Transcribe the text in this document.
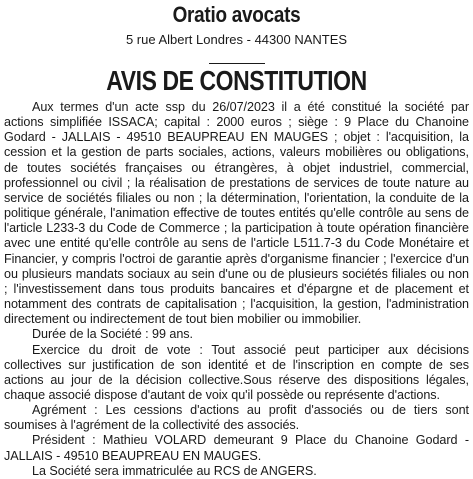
Oratio avocats
5 rue Albert Londres - 44300 NANTES
AVIS DE CONSTITUTION

Aux termes d'un acte ssp du 26/07/2023 il a été constitué la société par actions simplifiée ISSACA; capital : 2000 euros ; siège : 9 Place du Chanoine Godard - JALLAIS - 49510 BEAUPREAU EN MAUGES ; objet : l'acquisition, la cession et la gestion de parts sociales, actions, valeurs mobilières ou obligations, de toutes sociétés françaises ou étrangères, à objet industriel, commercial, professionnel ou civil ; la réalisation de prestations de services de toute nature au service de sociétés filiales ou non ; la détermination, l'orientation, la conduite de la politique générale, l'animation effective de toutes entités qu'elle contrôle au sens de l'article L233-3 du Code de Commerce ; la participation à toute opération financière avec une entité qu'elle contrôle au sens de l'article L511.7-3 du Code Monétaire et Financier, y compris l'octroi de garantie après d'organisme financier ; l'exercice d'un ou plusieurs mandats sociaux au sein d'une ou de plusieurs sociétés filiales ou non ; l'investissement dans tous produits bancaires et d'épargne et de placement et notamment des contrats de capitalisation ; l'acquisition, la gestion, l'administration directement ou indirectement de tout bien mobilier ou immobilier.

Durée de la Société : 99 ans.

Exercice du droit de vote : Tout associé peut participer aux décisions collectives sur justification de son identité et de l'inscription en compte de ses actions au jour de la décision collective.Sous réserve des dispositions légales, chaque associé dispose d'autant de voix qu'il possède ou représente d'actions.

Agrément : Les cessions d'actions au profit d'associés ou de tiers sont soumises à l'agrément de la collectivité des associés.

Président : Mathieu VOLARD demeurant 9 Place du Chanoine Godard -JALLAIS - 49510 BEAUPREAU EN MAUGES.

La Société sera immatriculée au RCS de ANGERS.
